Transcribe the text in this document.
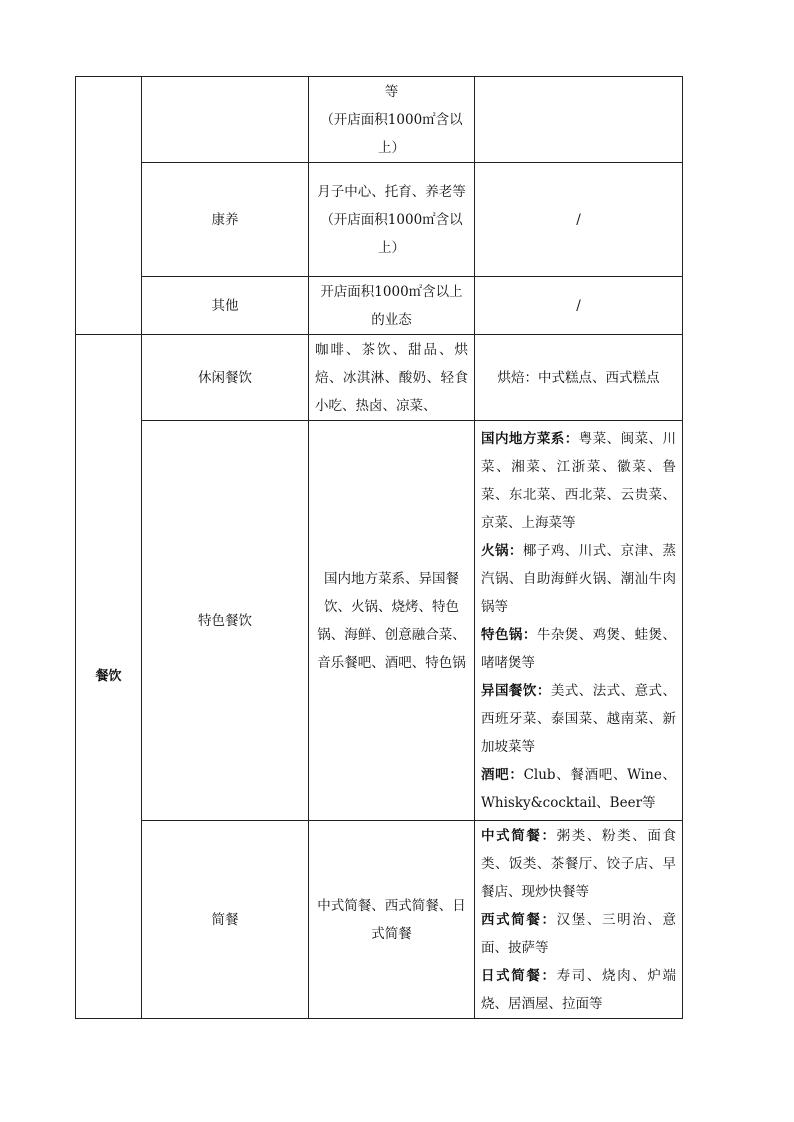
		等
（开店面积1000㎡含以上）	

	康养	月子中心、托育、养老等
（开店面积1000㎡含以上）	/
	其他	开店面积1000㎡含以上的业态	/
餐饮	休闲餐饮	咖啡、茶饮、甜品、烘焙、冰淇淋、酸奶、轻食小吃、热卤、凉菜、	烘焙：中式糕点、西式糕点
	特色餐饮	国内地方菜系、异国餐饮、火锅、烧烤、特色锅、海鲜、创意融合菜、音乐餐吧、酒吧、特色锅	国内地方菜系：粤菜、闽菜、川菜、湘菜、江浙菜、徽菜、鲁菜、东北菜、西北菜、云贵菜、京菜、上海菜等
火锅：椰子鸡、川式、京津、蒸汽锅、自助海鲜火锅、潮汕牛肉锅等
特色锅：牛杂煲、鸡煲、蛙煲、啫啫煲等
异国餐饮：美式、法式、意式、西班牙菜、泰国菜、越南菜、新加坡菜等
酒吧：Club、餐酒吧、Wine、Whisky&cocktail、Beer等

	简餐	中式简餐、西式简餐、日式简餐	中式简餐：粥类、粉类、面食类、饭类、茶餐厅、饺子店、早餐店、现炒快餐等
西式简餐：汉堡、三明治、意面、披萨等
日式简餐：寿司、烧肉、炉端烧、居酒屋、拉面等
